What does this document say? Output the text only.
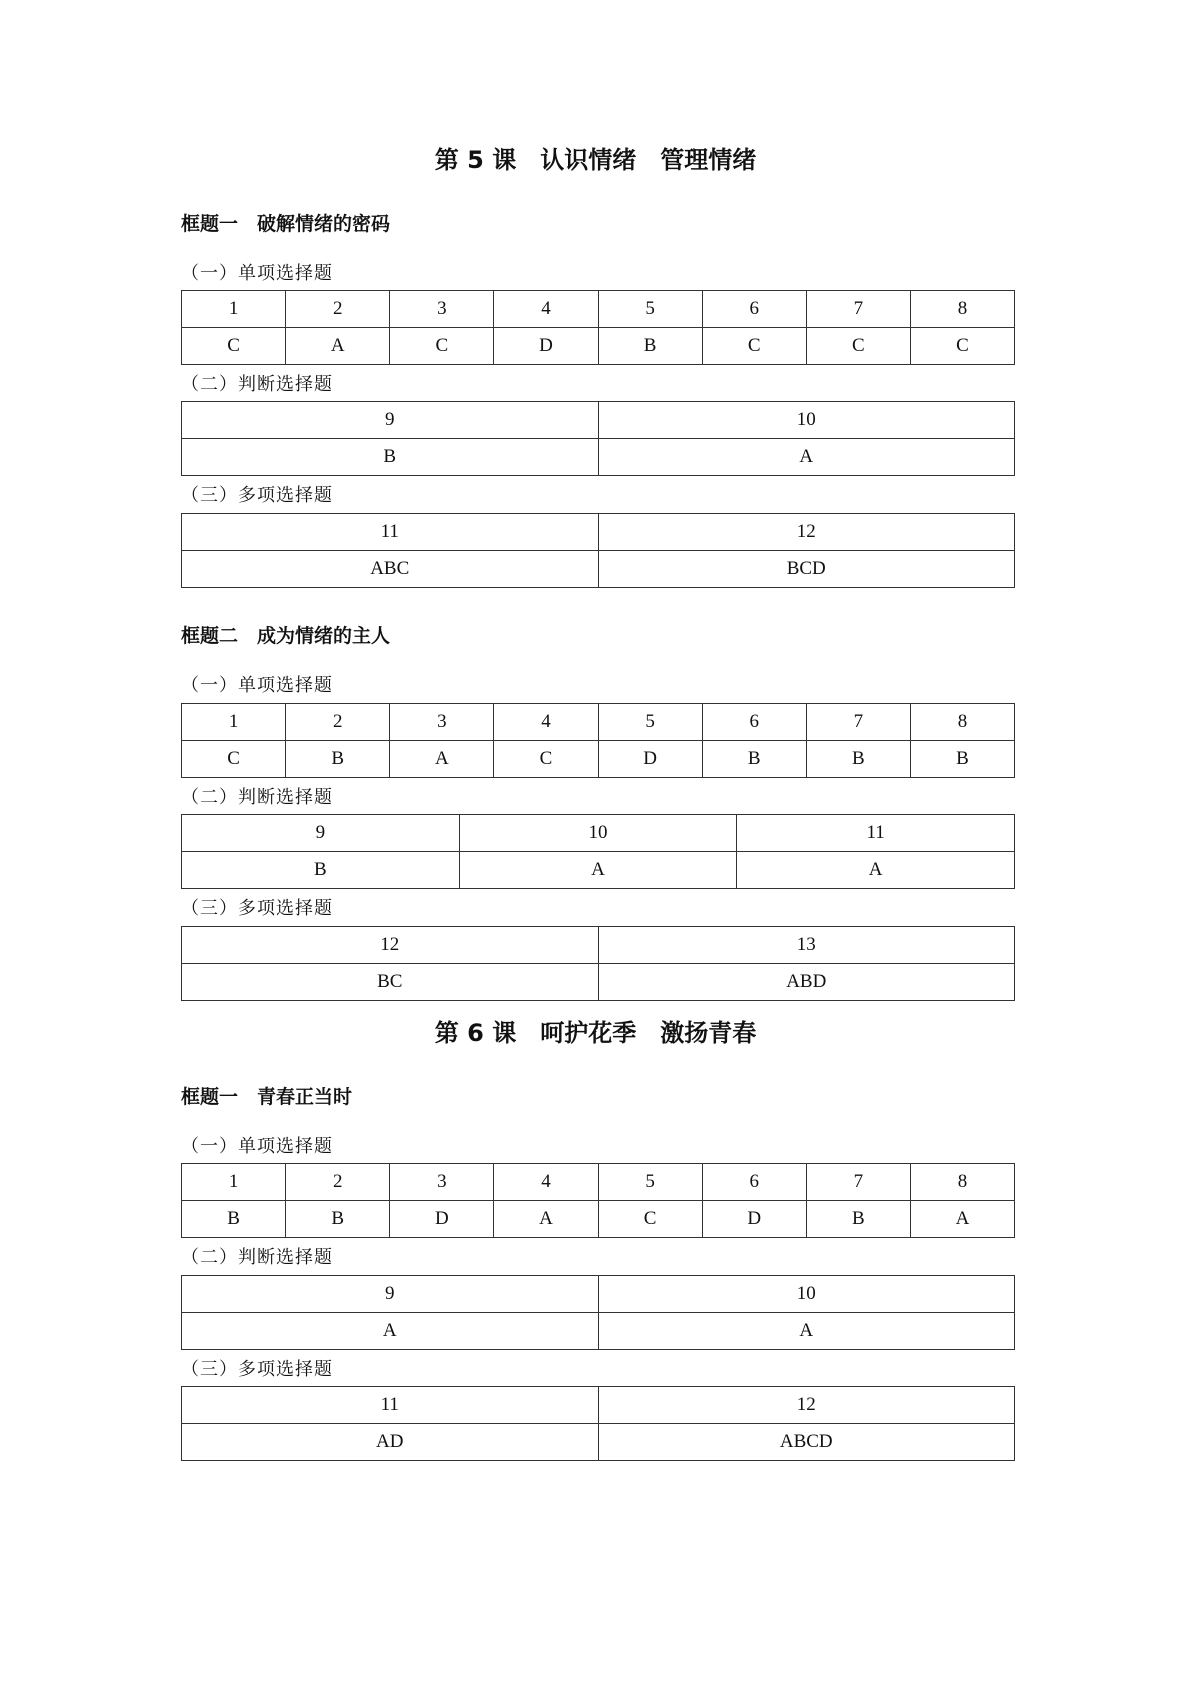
第 5 课　认识情绪　管理情绪
框题一　破解情绪的密码
（一）单项选择题
1	2	3	4	5	6	7	8
C	A	C	D	B	C	C	C
（二）判断选择题
9	10
B	A
（三）多项选择题
11	12
ABC	BCD
框题二　成为情绪的主人
（一）单项选择题
1	2	3	4	5	6	7	8
C	B	A	C	D	B	B	B
（二）判断选择题
9	10	11
B	A	A
（三）多项选择题
12	13
BC	ABD
第 6 课　呵护花季　激扬青春
框题一　青春正当时
（一）单项选择题
1	2	3	4	5	6	7	8
B	B	D	A	C	D	B	A
（二）判断选择题
9	10
A	A
（三）多项选择题
11	12
AD	ABCD
